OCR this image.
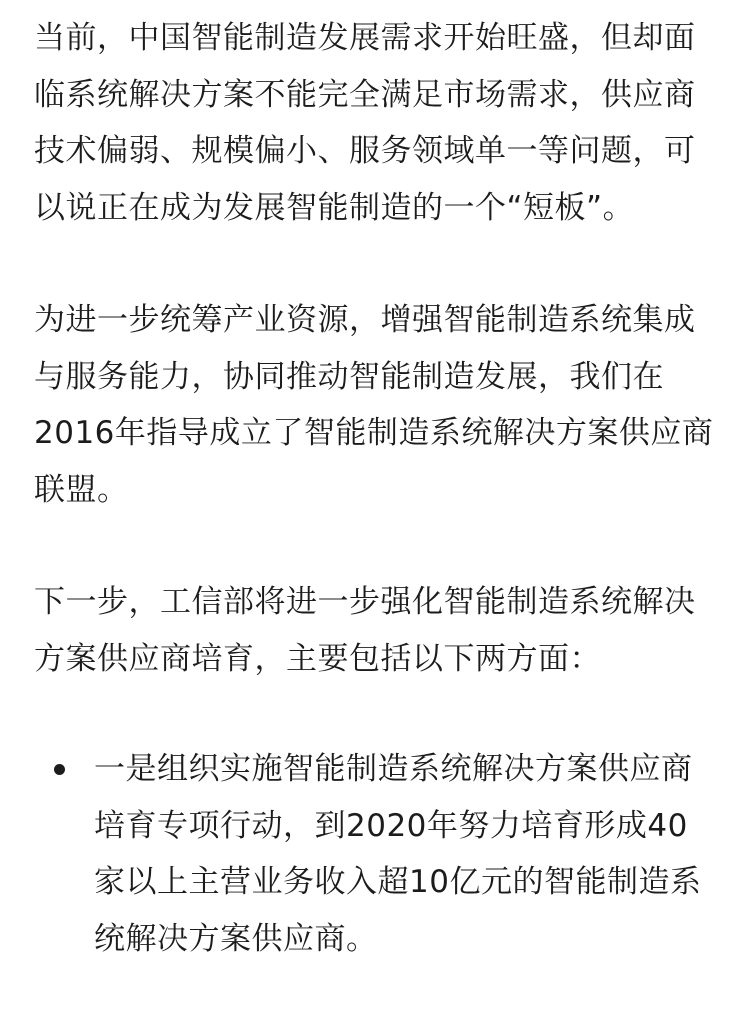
当前，中国智能制造发展需求开始旺盛，但却面临系统解决方案不能完全满足市场需求，供应商技术偏弱、规模偏小、服务领域单一等问题，可以说正在成为发展智能制造的一个“短板”。

为进一步统筹产业资源，增强智能制造系统集成与服务能力，协同推动智能制造发展，我们在2016年指导成立了智能制造系统解决方案供应商联盟。

下一步，工信部将进一步强化智能制造系统解决方案供应商培育，主要包括以下两方面：

一是组织实施智能制造系统解决方案供应商培育专项行动，到2020年努力培育形成40家以上主营业务收入超10亿元的智能制造系统解决方案供应商。
